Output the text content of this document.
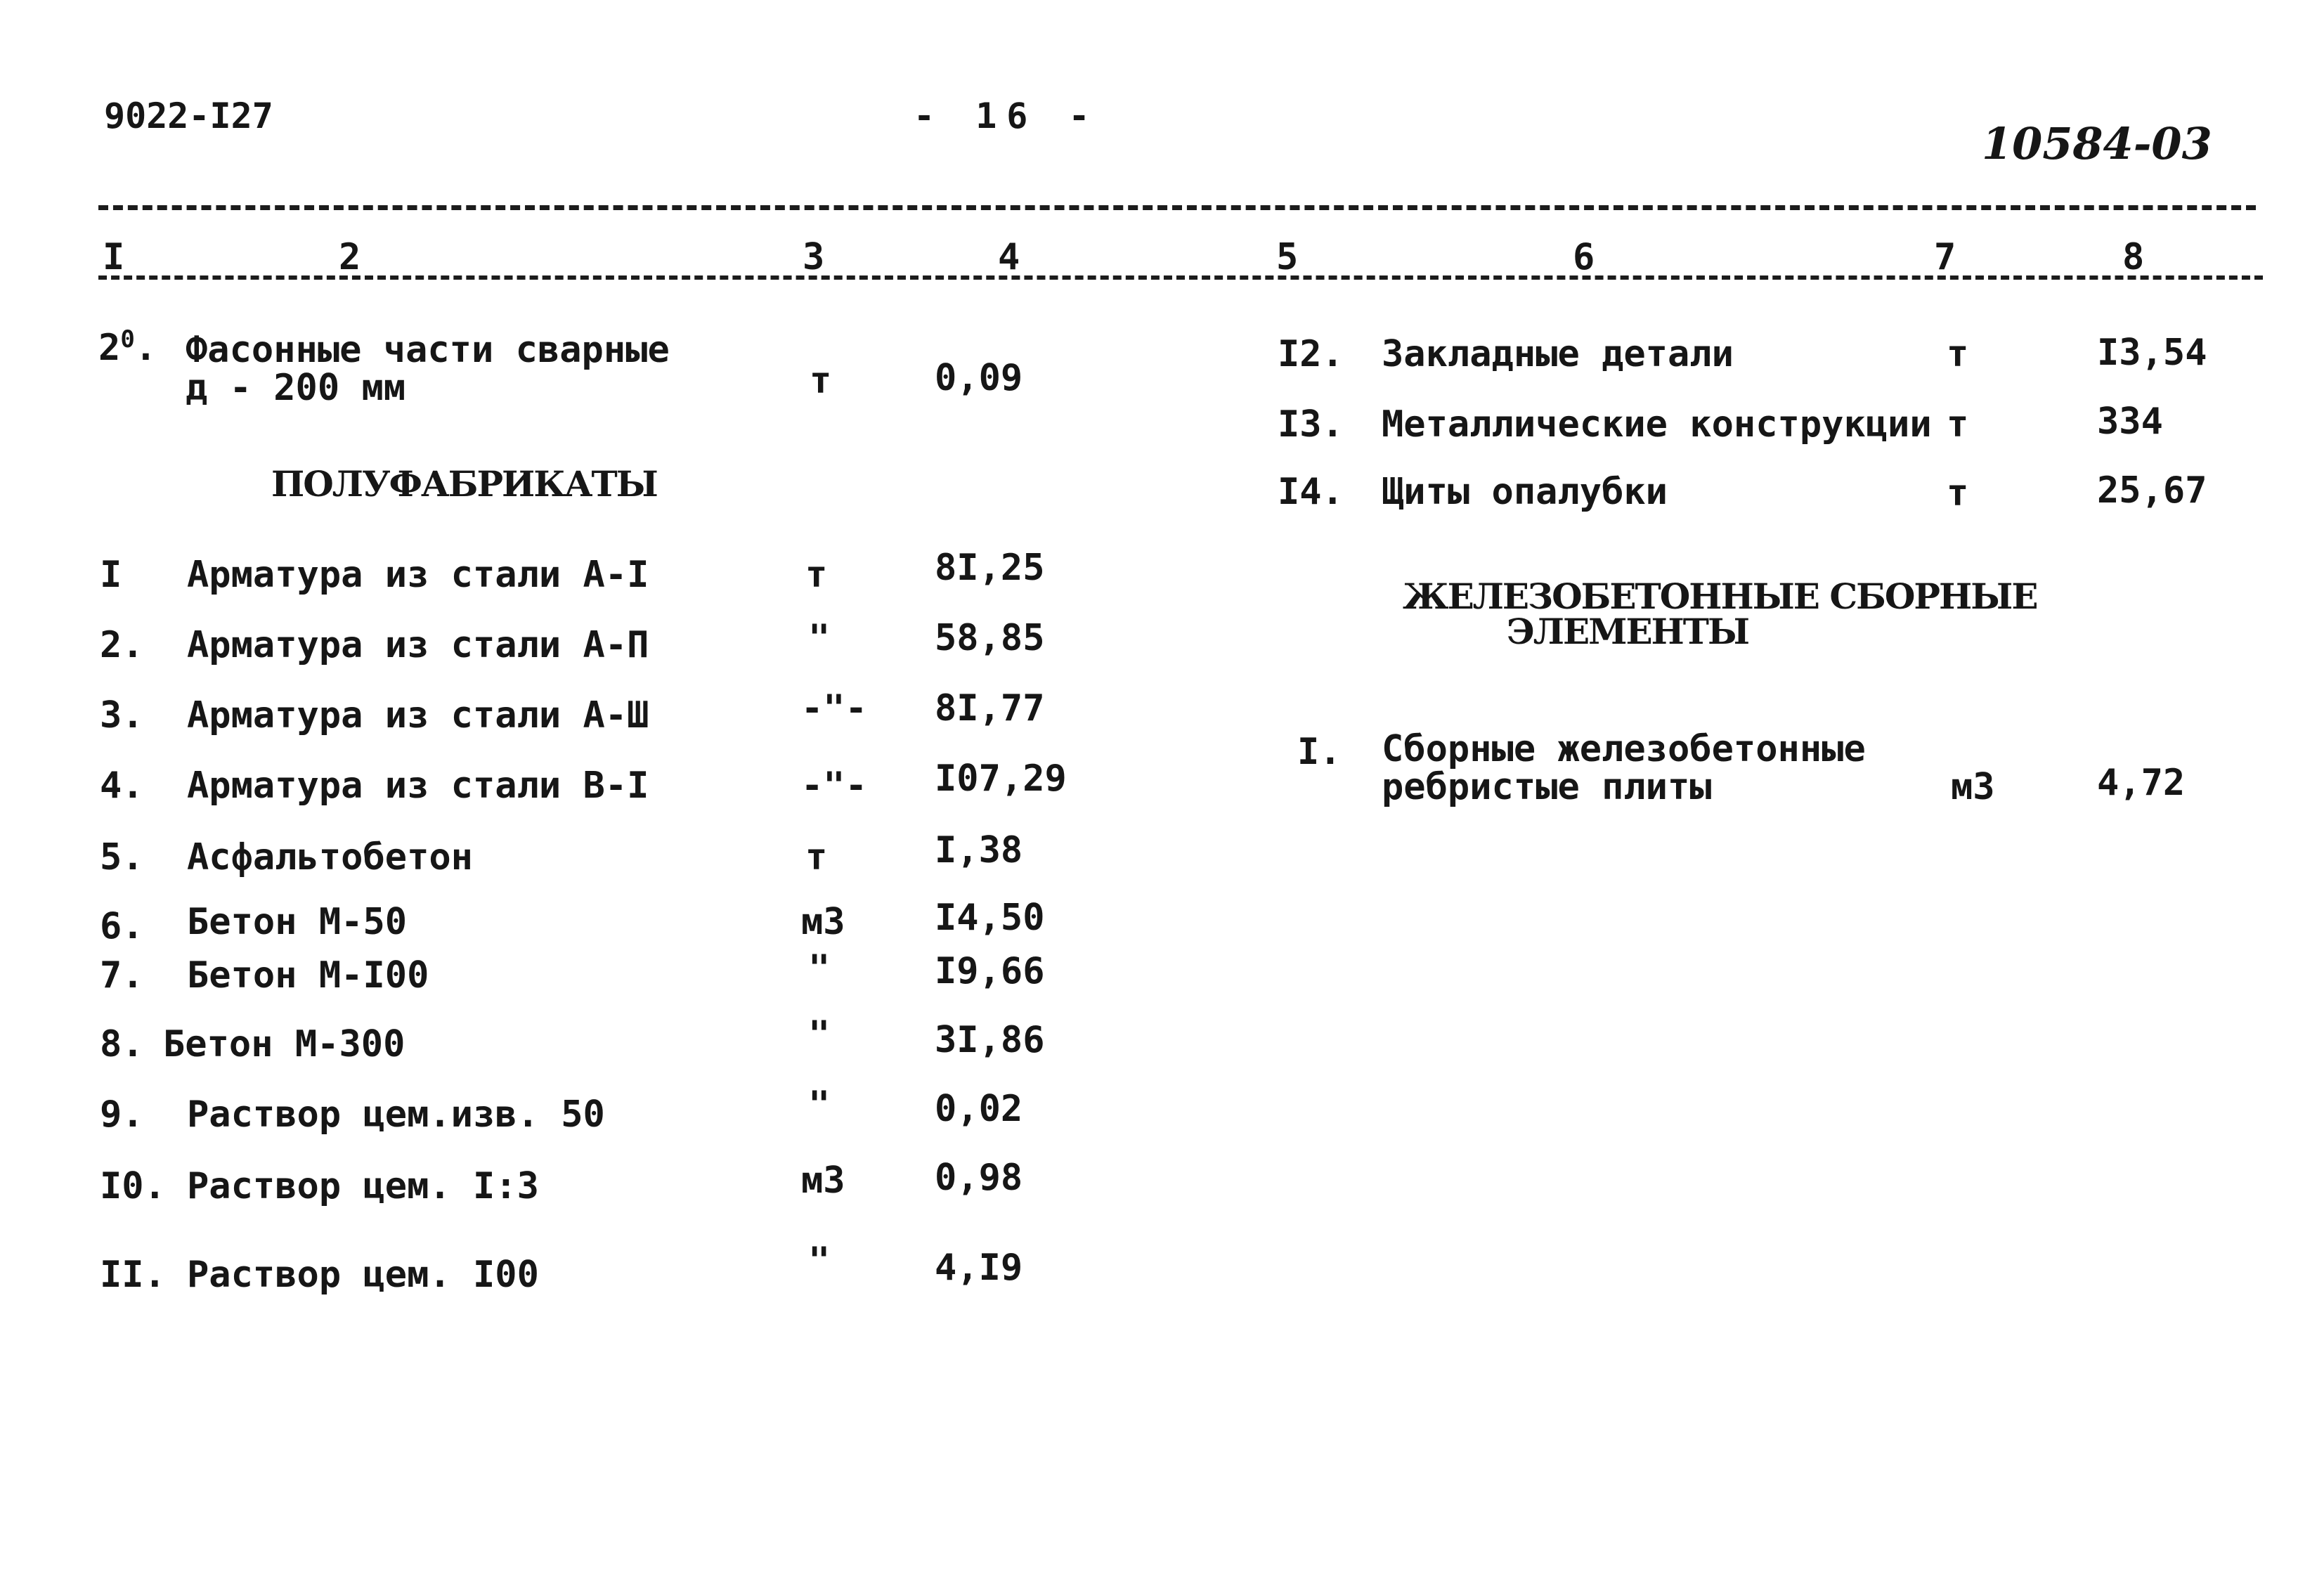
9022-I27	- 16 -
10584-03
I	2	3	4	5	6	7	8
$2^0$. Фасонные части сварные
д - 200 мм	т	0,09
ПОЛУФАБРИКАТЫ
I Арматура из стали А-I	т	8I,25
2. Арматура из стали А-П	"	58,85
3. Арматура из стали А-Ш	-"- 8I,77
4. Арматура из стали В-I	-"- I07,29
5. Асфальтобетон	т	I,38
6. Бетон М-50	м3 I4,50
7. Бетон М-I00	"	I9,66
8. Бетон М-300	"	3I,86
9. Раствор цем.изв. 50	"	0,02
I0. Раствор цем. I:3	м3 0,98
II. Раствор цем. I00	"	4,I9
I2. Закладные детали	т	I3,54
I3. Металлические конструкции т	334
I4. Щиты опалубки	т	25,67
ЖЕЛЕЗОБЕТОННЫЕ СБОРНЫЕ
ЭЛЕМЕНТЫ
I. Сборные железобетонные
ребристые плиты	м3	4,72
